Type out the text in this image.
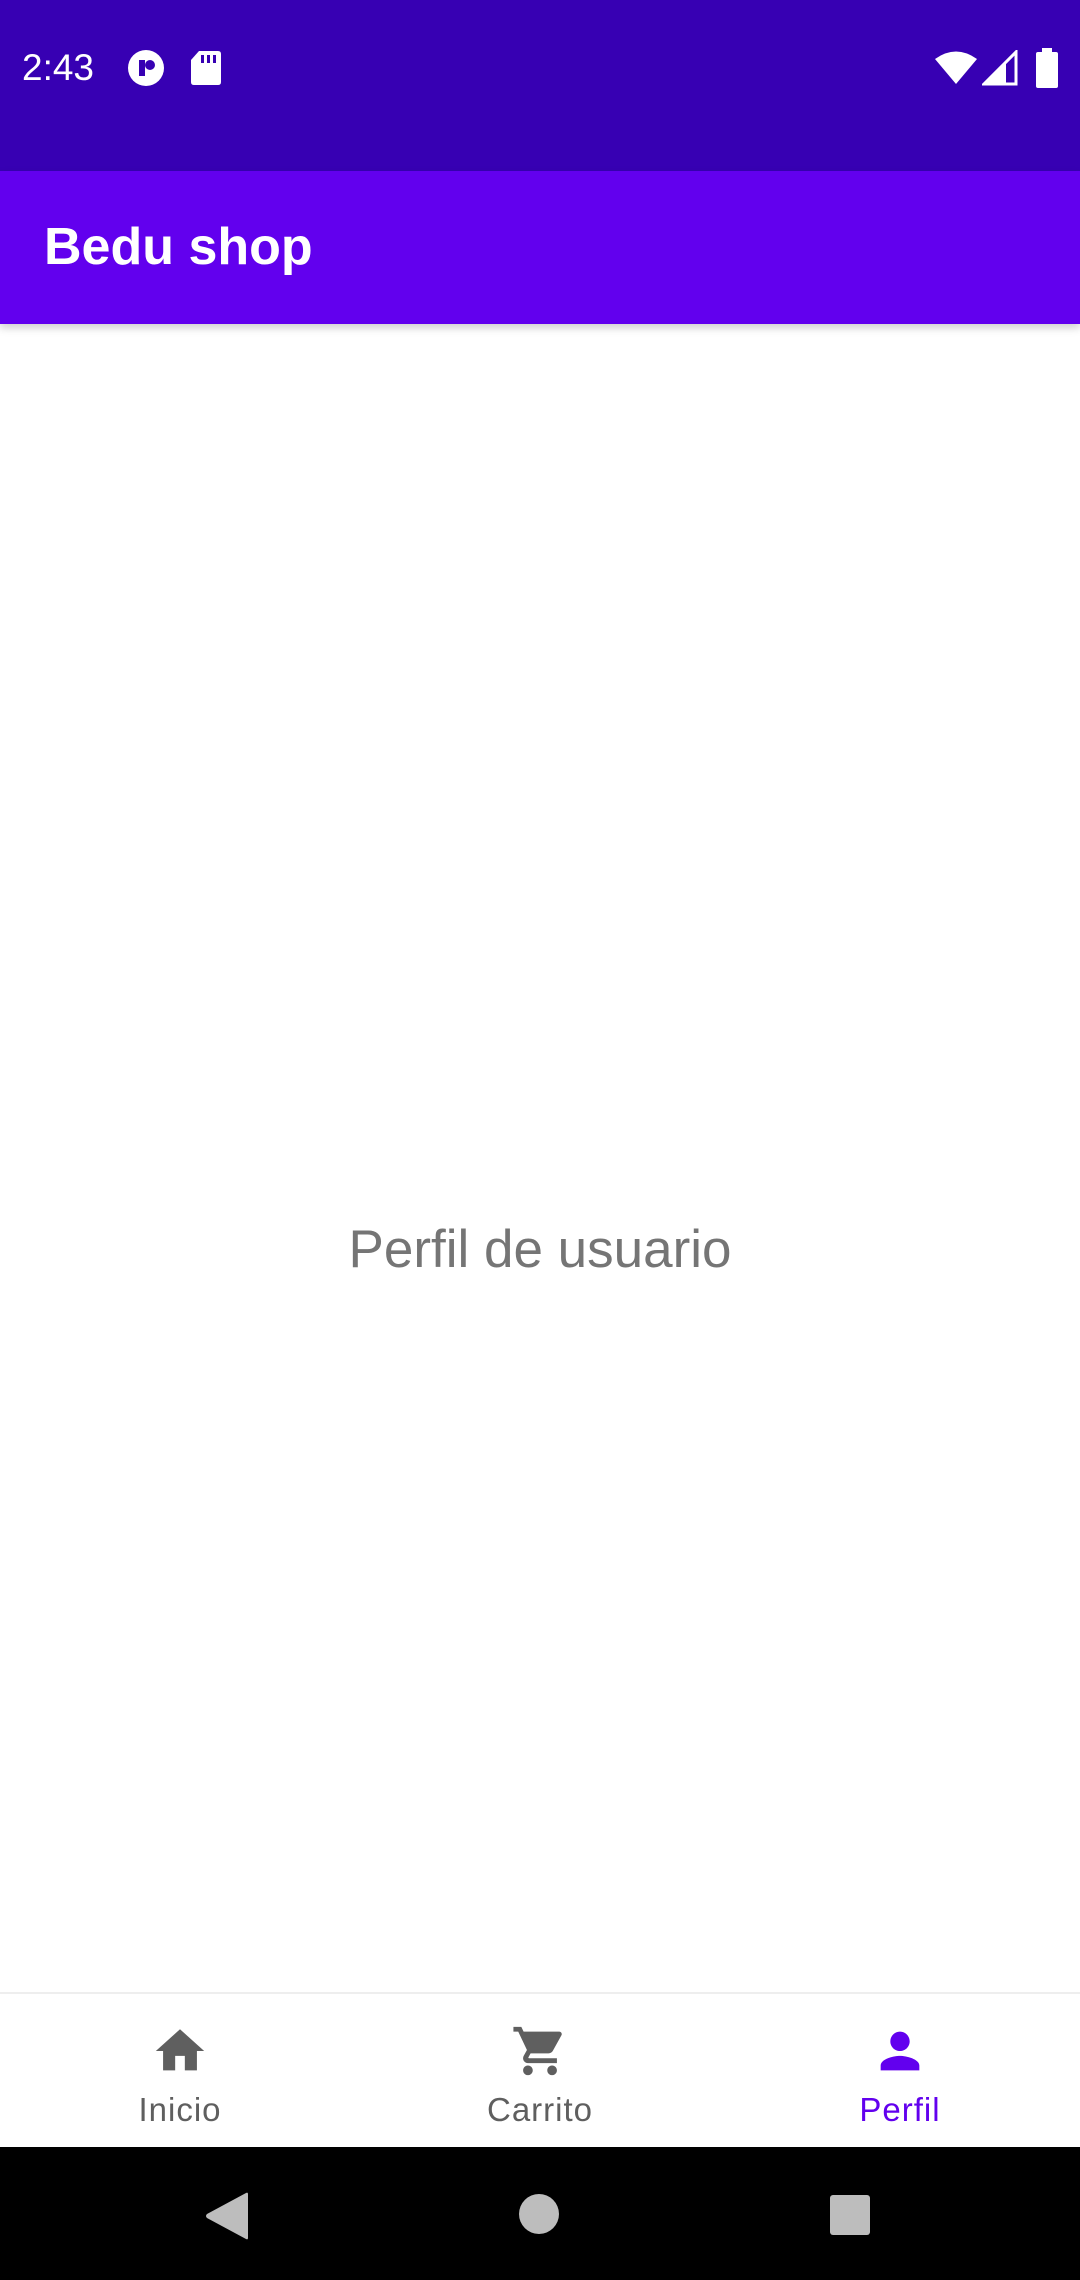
2:43
Bedu shop
Perfil de usuario
Inicio	Carrito	Perfil
